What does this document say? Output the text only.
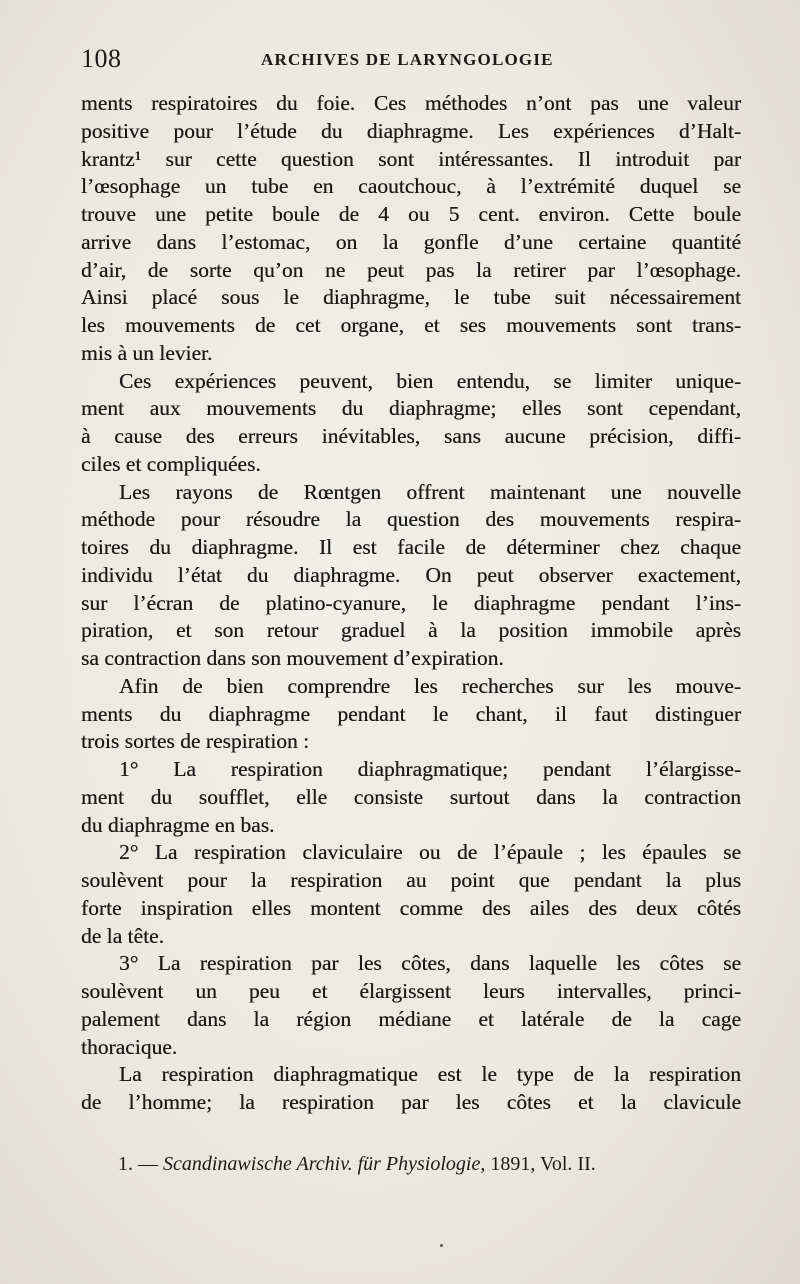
108	ARCHIVES DE LARYNGOLOGIE
ments respiratoires du foie. Ces méthodes n’ont pas une valeur
positive pour l’étude du diaphragme. Les expériences d’Halt-
krantz¹ sur cette question sont intéressantes. Il introduit par
l’œsophage un tube en caoutchouc, à l’extrémité duquel se
trouve une petite boule de 4 ou 5 cent. environ. Cette boule
arrive dans l’estomac, on la gonfle d’une certaine quantité
d’air, de sorte qu’on ne peut pas la retirer par l’œsophage.
Ainsi placé sous le diaphragme, le tube suit nécessairement
les mouvements de cet organe, et ses mouvements sont trans-
mis à un levier.
Ces expériences peuvent, bien entendu, se limiter unique-
ment aux mouvements du diaphragme; elles sont cependant,
à cause des erreurs inévitables, sans aucune précision, diffi-
ciles et compliquées.
Les rayons de Rœntgen offrent maintenant une nouvelle
méthode pour résoudre la question des mouvements respira-
toires du diaphragme. Il est facile de déterminer chez chaque
individu l’état du diaphragme. On peut observer exactement,
sur l’écran de platino-cyanure, le diaphragme pendant l’ins-
piration, et son retour graduel à la position immobile après
sa contraction dans son mouvement d’expiration.
Afin de bien comprendre les recherches sur les mouve-
ments du diaphragme pendant le chant, il faut distinguer
trois sortes de respiration :
1° La respiration diaphragmatique; pendant l’élargisse-
ment du soufflet, elle consiste surtout dans la contraction
du diaphragme en bas.
2° La respiration claviculaire ou de l’épaule ; les épaules se
soulèvent pour la respiration au point que pendant la plus
forte inspiration elles montent comme des ailes des deux côtés
de la tête.
3° La respiration par les côtes, dans laquelle les côtes se
soulèvent un peu et élargissent leurs intervalles, princi-
palement dans la région médiane et latérale de la cage
thoracique.
La respiration diaphragmatique est le type de la respiration
de l’homme; la respiration par les côtes et la clavicule
1. — Scandinawische Archiv. für Physiologie, 1891, Vol. II.
